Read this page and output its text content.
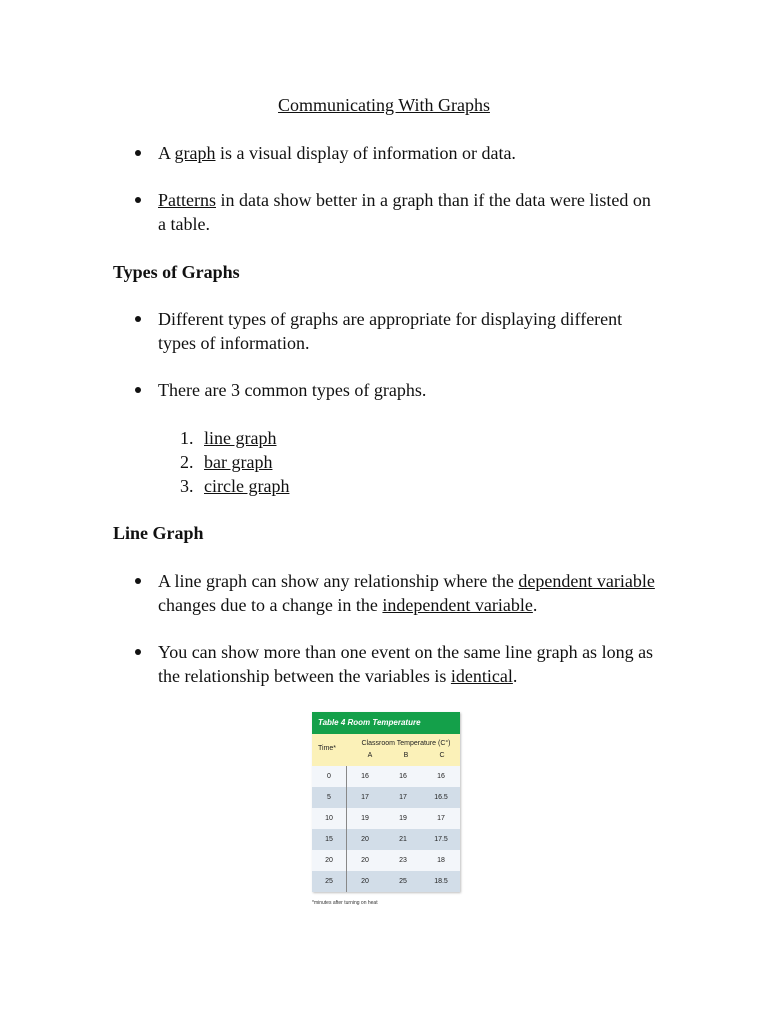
Communicating With Graphs
A graph is a visual display of information or data.
Patterns in data show better in a graph than if the data were listed on a table.
Types of Graphs
Different types of graphs are appropriate for displaying different types of information.
There are 3 common types of graphs.
1. line graph
2. bar graph
3. circle graph
Line Graph
A line graph can show any relationship where the dependent variable changes due to a change in the independent variable.
You can show more than one event on the same line graph as long as the relationship between the variables is identical.
Table 4 Room Temperature
Time*
Classroom Temperature (C°)
A	B	C
0	16	16	16
5	17	17	16.5
10	19	19	17
15	20	21	17.5
20	20	23	18
25	20	25	18.5
*minutes after turning on heat
